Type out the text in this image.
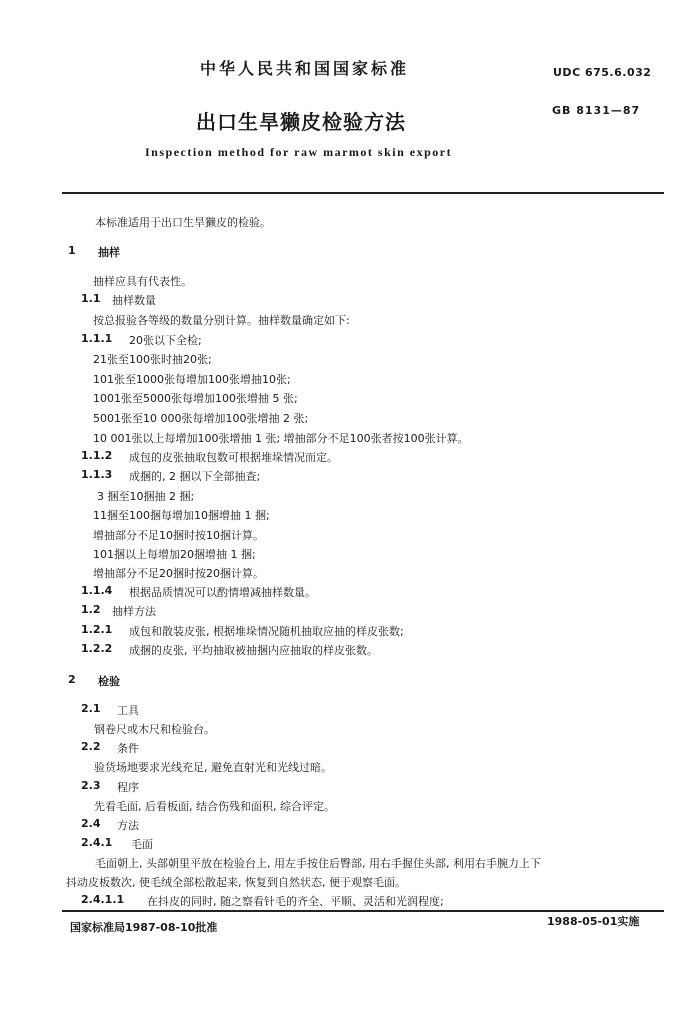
中华人民共和国国家标准	UDC 675.6.032
出口生旱獭皮检验方法	GB 8131—87
Inspection method for raw marmot skin export
本标准适用于出口生旱獭皮的检验。
1 抽样
抽样应具有代表性。
1.1 抽样数量
按总报验各等级的数量分别计算。抽样数量确定如下:
1.1.1 20张以下全检;
21张至100张时抽20张;
101张至1000张每增加100张增抽10张;
1001张至5000张每增加100张增抽 5 张;
5001张至10 000张每增加100张增抽 2 张;
10 001张以上每增加100张增抽 1 张; 增抽部分不足100张者按100张计算。
1.1.2 成包的皮张抽取包数可根据堆垛情况而定。
1.1.3 成捆的, 2 捆以下全部抽查;
3 捆至10捆抽 2 捆;
11捆至100捆每增加10捆增抽 1 捆;
增抽部分不足10捆时按10捆计算。
101捆以上每增加20捆增抽 1 捆;
增抽部分不足20捆时按20捆计算。
1.1.4 根据品质情况可以酌情增减抽样数量。
1.2 抽样方法
1.2.1 成包和散装皮张, 根据堆垛情况随机抽取应抽的样皮张数;
1.2.2 成捆的皮张, 平均抽取被抽捆内应抽取的样皮张数。
2 检验
2.1 工具
钢卷尺或木尺和检验台。
2.2 条件
验货场地要求光线充足, 避免直射光和光线过暗。
2.3 程序
先看毛面, 后看板面, 结合伤残和面积, 综合评定。
2.4 方法
2.4.1 毛面
毛面朝上, 头部朝里平放在检验台上, 用左手按住后臀部, 用右手握住头部, 利用右手腕力上下
抖动皮板数次, 使毛绒全部松散起来, 恢复到自然状态, 便于观察毛面。
2.4.1.1 在抖皮的同时, 随之察看针毛的齐全、平顺、灵活和光润程度;
国家标准局1987-08-10批准	1988-05-01实施
